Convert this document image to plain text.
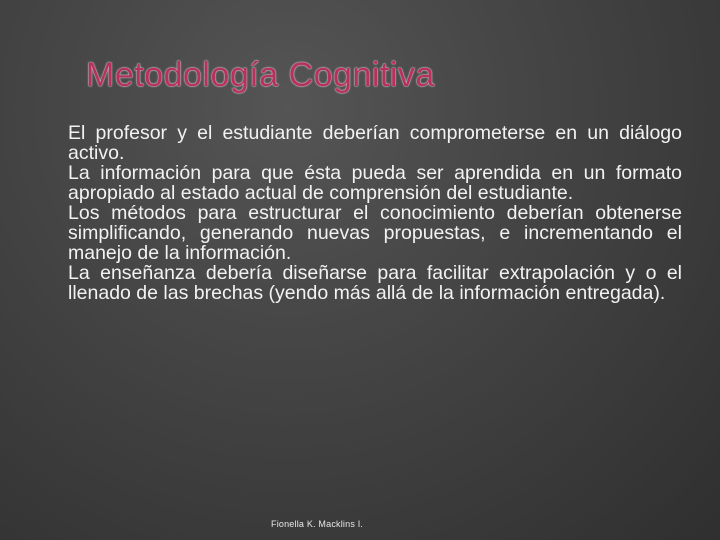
Metodología Cognitiva
El profesor y el estudiante deberían comprometerse en un diálogo activo.
La información para que ésta pueda ser aprendida en un formato apropiado al estado actual de comprensión del estudiante.
Los métodos para estructurar el conocimiento deberían obtenerse simplificando, generando nuevas propuestas, e incrementando el manejo de la información.
La enseñanza debería diseñarse para facilitar extrapolación y o el llenado de las brechas (yendo más allá de la información entregada).
Fionella K. Macklins I.
